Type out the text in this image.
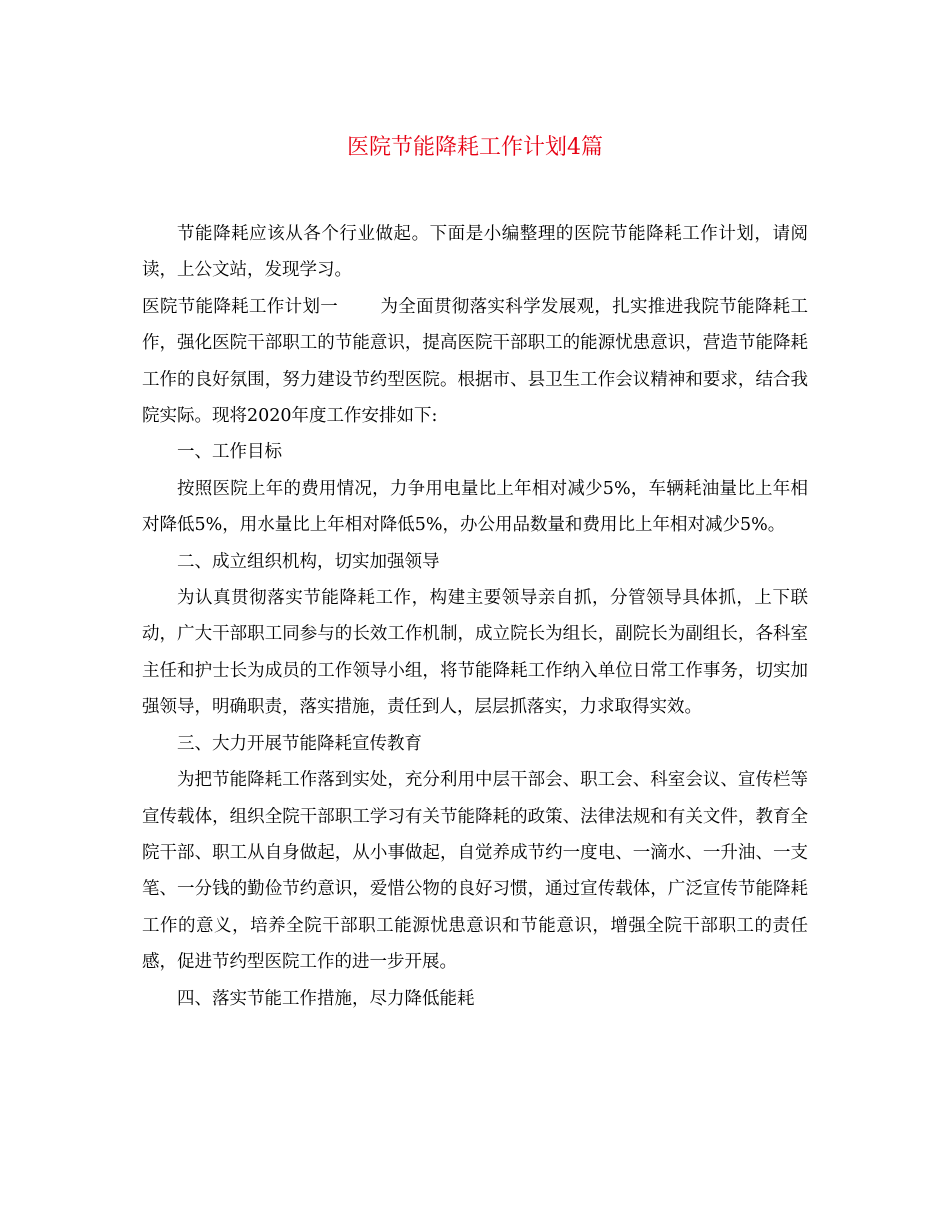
医院节能降耗工作计划4篇

节能降耗应该从各个行业做起。下面是小编整理的医院节能降耗工作计划，请阅读，上公文站，发现学习。

医院节能降耗工作计划一 为全面贯彻落实科学发展观，扎实推进我院节能降耗工作，强化医院干部职工的节能意识，提高医院干部职工的能源忧患意识，营造节能降耗工作的良好氛围，努力建设节约型医院。根据市、县卫生工作会议精神和要求，结合我院实际。现将2020年度工作安排如下:

一、工作目标

按照医院上年的费用情况，力争用电量比上年相对减少5%，车辆耗油量比上年相对降低5%，用水量比上年相对降低5%，办公用品数量和费用比上年相对减少5%。

二、成立组织机构，切实加强领导

为认真贯彻落实节能降耗工作，构建主要领导亲自抓，分管领导具体抓，上下联动，广大干部职工同参与的长效工作机制，成立院长为组长，副院长为副组长，各科室主任和护士长为成员的工作领导小组，将节能降耗工作纳入单位日常工作事务，切实加强领导，明确职责，落实措施，责任到人，层层抓落实，力求取得实效。

三、大力开展节能降耗宣传教育

为把节能降耗工作落到实处，充分利用中层干部会、职工会、科室会议、宣传栏等宣传载体，组织全院干部职工学习有关节能降耗的政策、法律法规和有关文件，教育全院干部、职工从自身做起，从小事做起，自觉养成节约一度电、一滴水、一升油、一支笔、一分钱的勤俭节约意识，爱惜公物的良好习惯，通过宣传载体，广泛宣传节能降耗工作的意义，培养全院干部职工能源忧患意识和节能意识，增强全院干部职工的责任感，促进节约型医院工作的进一步开展。

四、落实节能工作措施，尽力降低能耗
